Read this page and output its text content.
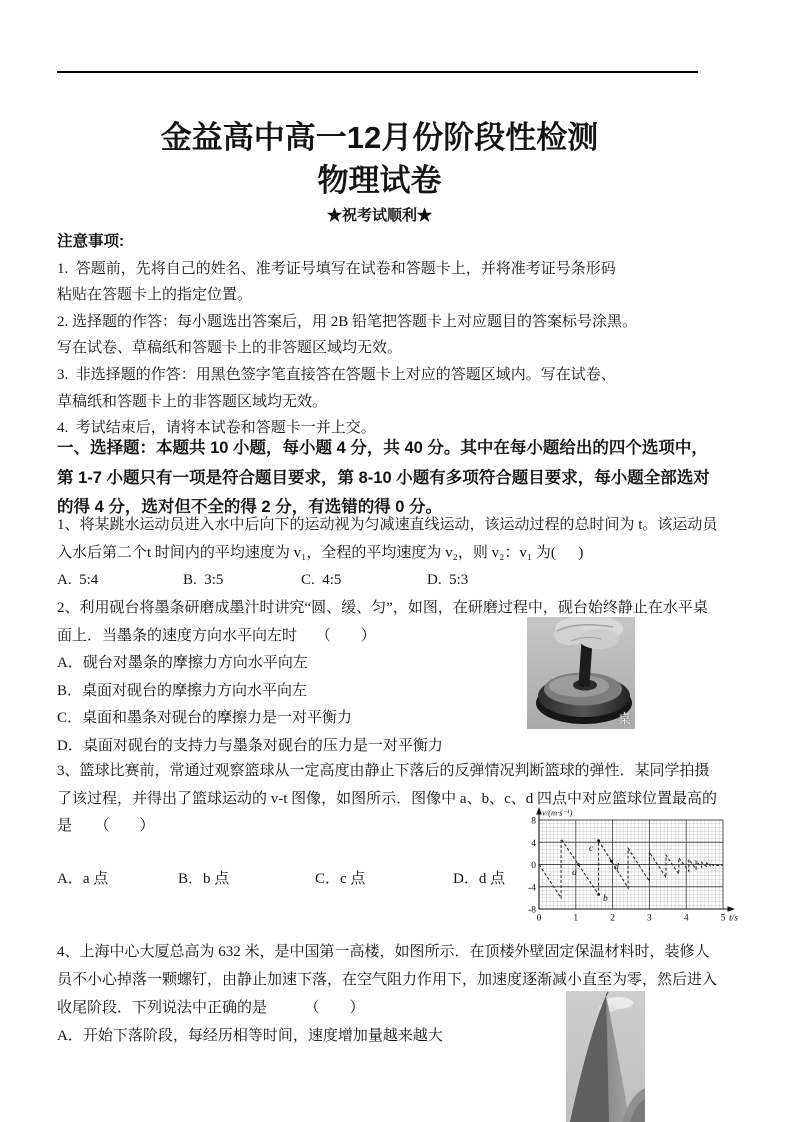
金益高中高一12月份阶段性检测
物理试卷
★祝考试顺利★
注意事项:
1.  答题前，先将自己的姓名、准考证号填写在试卷和答题卡上，并将准考证号条形码
粘贴在答题卡上的指定位置。
2. 选择题的作答：每小题选出答案后，用 2B 铅笔把答题卡上对应题目的答案标号涂黑。
写在试卷、草稿纸和答题卡上的非答题区域均无效。
3.  非选择题的作答：用黑色签字笔直接答在答题卡上对应的答题区域内。写在试卷、
草稿纸和答题卡上的非答题区域均无效。
4.  考试结束后，请将本试卷和答题卡一并上交。
一、选择题：本题共 10 小题，每小题 4 分，共 40 分。其中在每小题给出的四个选项中，
第 1-7 小题只有一项是符合题目要求，第 8-10 小题有多项符合题目要求，每小题全部选对
的得 4 分，选对但不全的得 2 分，有选错的得 0 分。
1、将某跳水运动员进入水中后向下的运动视为匀减速直线运动，该运动过程的总时间为 t。该运动员
入水后第二个t 时间内的平均速度为 v₁，全程的平均速度为 v₂，则 v₂：v₁ 为(      )
A.  5:4	B.  3:5	C.  4:5	D.  5:3
2、利用砚台将墨条研磨成墨汁时讲究“圆、缓、匀”，如图，在研磨过程中，砚台始终静止在水平桌
面上．当墨条的速度方向水平向左时　 （　　）
A．砚台对墨条的摩擦力方向水平向左
B．桌面对砚台的摩擦力方向水平向左
C．桌面和墨条对砚台的摩擦力是一对平衡力
D．桌面对砚台的支持力与墨条对砚台的压力是一对平衡力
3、篮球比赛前，常通过观察篮球从一定高度由静止下落后的反弹情况判断篮球的弹性．某同学拍摄
了该过程，并得出了篮球运动的 v-t 图像，如图所示．图像中 a、b、c、d 四点中对应篮球位置最高的
是　　（　　）
A．a 点	B．b 点	C．c 点	D．d 点
4、上海中心大厦总高为 632 米，是中国第一高楼，如图所示．在顶楼外壁固定保温材料时，装修人
员不小心掉落一颗螺钉，由静止加速下落，在空气阻力作用下，加速度逐渐减小直至为零，然后进入
收尾阶段．下列说法中正确的是　　　（　　）
A．开始下落阶段，每经历相等时间，速度增加量越来越大
桌
0	1	2	3	4	5
8
4
0
-4
-8
v/(m·s⁻¹)
t/s
a
b
c
d
